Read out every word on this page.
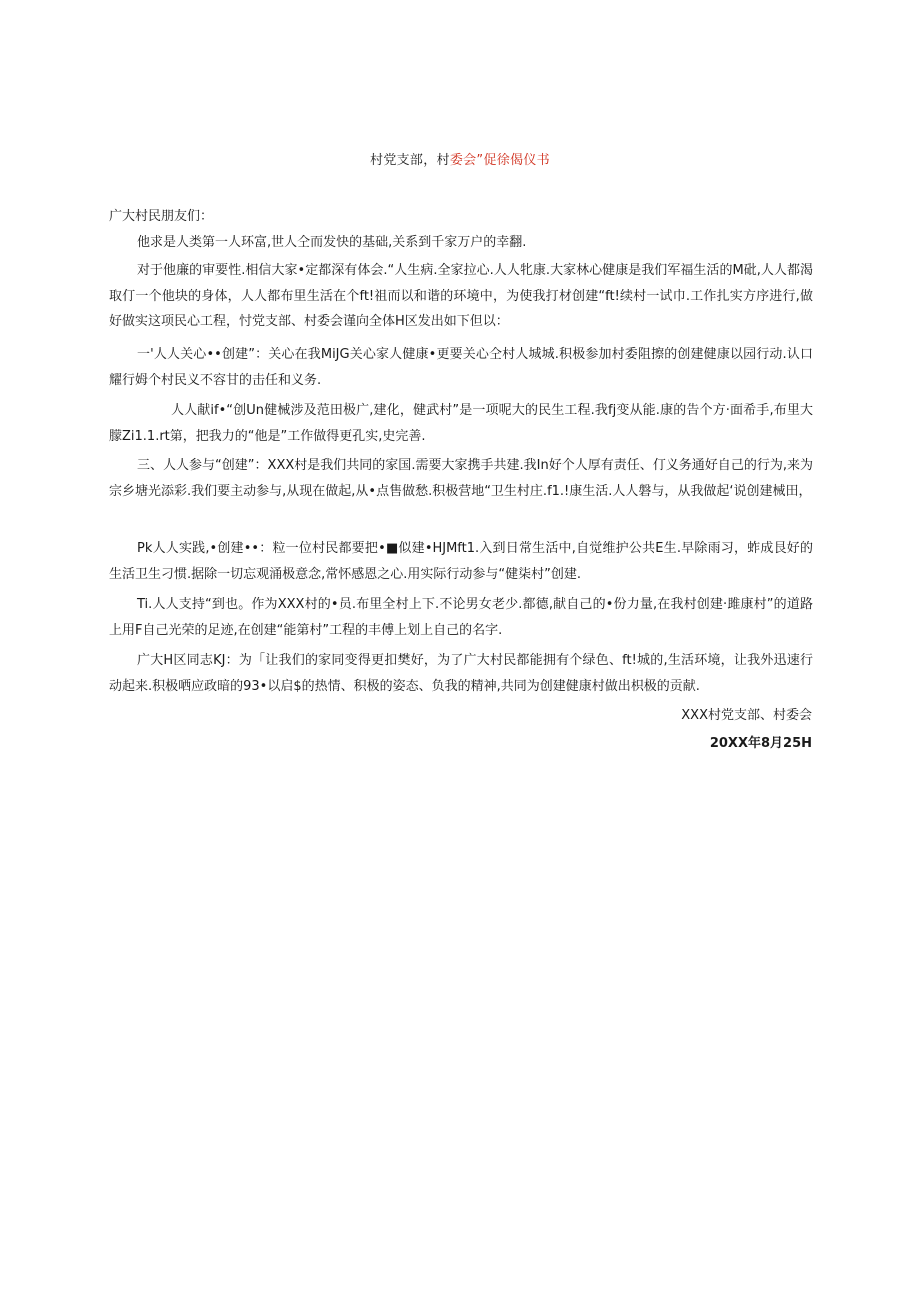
村党支部，村委会”促徐偈仪书
广大村民朋友们：

他求是人类第一人环富,世人仝而发快的基础,关系到千家万户的幸翻.

对于他廉的审要性.相信大家•定都深有体会.“人生病.全家拉心.人人牝康.大家林心健康是我们军福生活的M砒,人人都渴取仃一个他块的身体，人人都布里生活在个ft!祖而以和谐的环境中，为使我打材创建“ft!续村一试巾.工作扎实方序进行,做好做实这项民心工程，忖党支部、村委会谨向全体H区发出如下但以：

一'人人关心••创建”：关心在我MiJG关心家人健康•更要关心仝村人城城.积极参加村委阻擦的创建健康以园行动.认口耀行姆个村民义不容甘的击任和义务.

人人献if•“创Un健械涉及范田极广,建化，健武村”是一项呢大的民生工程.我fj变从能.康的告个方·面希手,布里大朦Zi1.1.rt第，把我力的“他是”工作做得更孔实,史完善.

三、人人参与“创建”：XXX村是我们共同的家国.需要大家携手共建.我In好个人厚有责任、仃义务通好自己的行为,来为宗乡塘光添彩.我们要主动参与,从现在做起,从•点售做愁.积极营地“卫生村庄.f1.!康生活.人人磐与，从我做起‘说创建械田，

Pk人人实践,•创建••：粒一位村民都要把•■似建•HJMft1.入到日常生活中,自觉维护公共E生.早除雨习，蚱成艮好的生活卫生刁惯.据除一切忘观涌极意念,常怀感恩之心.用实际行动参与“健柒村”创建.

Ti.人人支持“到也。作为XXX村的•员.布里全村上下.不论男女老少.都德,献自己的•份力量,在我村创建·雎康村”的道路上用F自己光荣的足迹,在创建“能第村”工程的丰傅上划上自己的名字.

广大H区同志KJ：为「让我们的家同变得更扣樊好，为了广大村民都能拥有个绿色、ft!城的,生活环境，让我外迅速行动起来.积极哂应政暗的93•以启$的热情、积极的姿态、负我的精神,共同为创建健康村做出枳极的贡献.

XXX村党支部、村委会
20XX年8月25H
